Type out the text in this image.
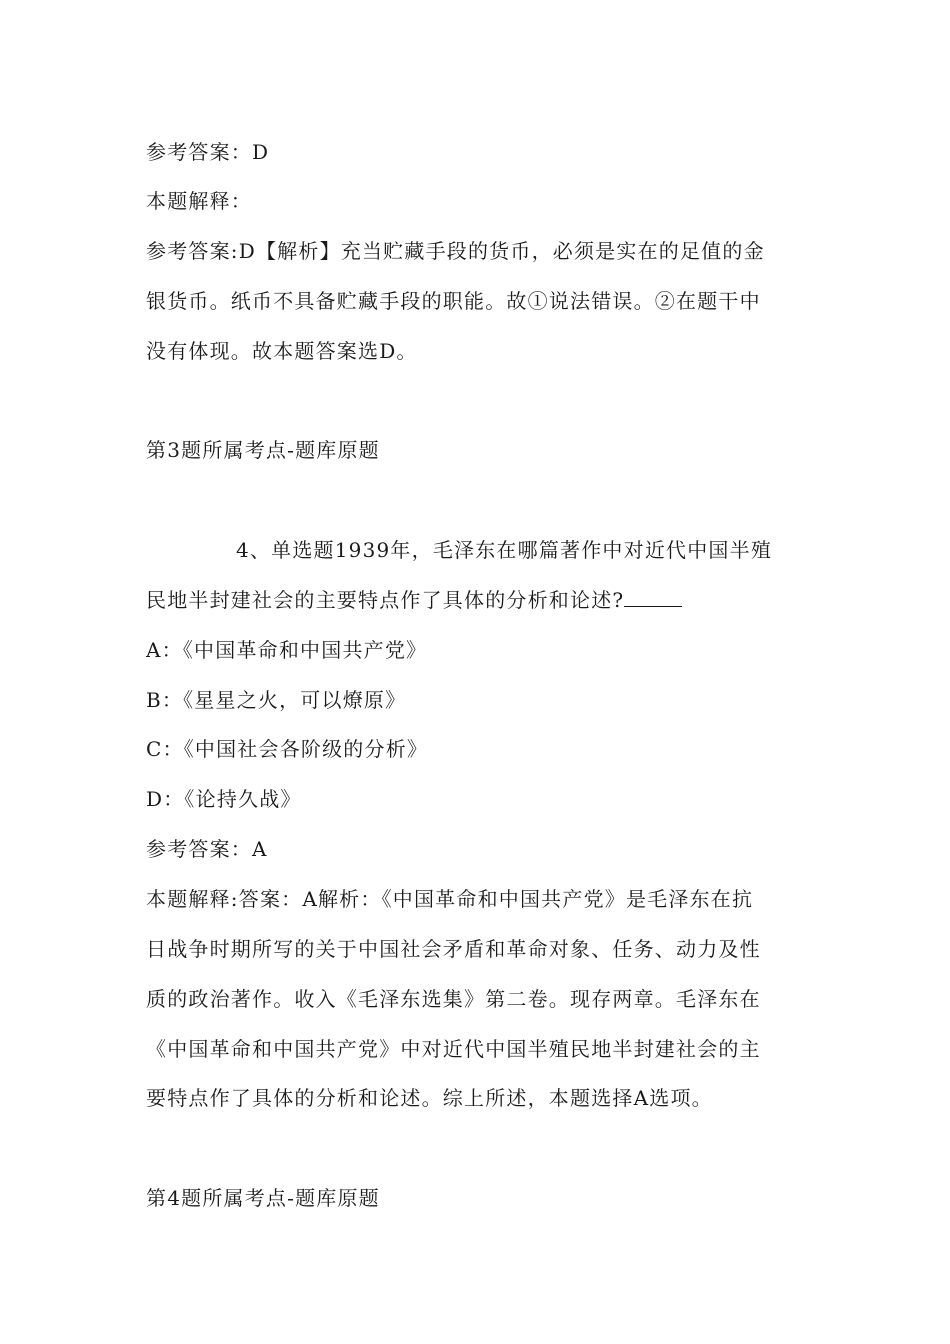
参考答案：D
本题解释：
参考答案:D【解析】充当贮藏手段的货币，必须是实在的足值的金
银货币。纸币不具备贮藏手段的职能。故①说法错误。②在题干中
没有体现。故本题答案选D。
第3题所属考点-题库原题
4、单选题1939年，毛泽东在哪篇著作中对近代中国半殖
民地半封建社会的主要特点作了具体的分析和论述?
A：《中国革命和中国共产党》
B：《星星之火，可以燎原》
C：《中国社会各阶级的分析》
D：《论持久战》
参考答案：A
本题解释:答案：A解析：《中国革命和中国共产党》是毛泽东在抗
日战争时期所写的关于中国社会矛盾和革命对象、任务、动力及性
质的政治著作。收入《毛泽东选集》第二卷。现存两章。毛泽东在
《中国革命和中国共产党》中对近代中国半殖民地半封建社会的主
要特点作了具体的分析和论述。综上所述，本题选择A选项。
第4题所属考点-题库原题
